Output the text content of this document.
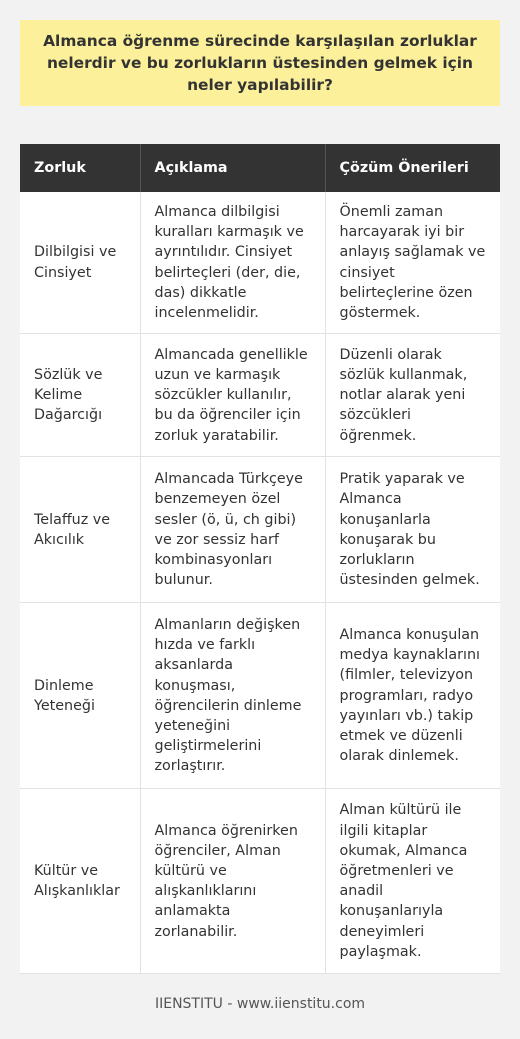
Almanca öğrenme sürecinde karşılaşılan zorluklar nelerdir ve bu zorlukların üstesinden gelmek için neler yapılabilir?
Zorluk	Açıklama	Çözüm Önerileri
Dilbilgisi ve Cinsiyet	Almanca dilbilgisi kuralları karmaşık ve ayrıntılıdır. Cinsiyet belirteçleri (der, die, das) dikkatle incelenmelidir.	Önemli zaman harcayarak iyi bir anlayış sağlamak ve cinsiyet belirteçlerine özen göstermek.
Sözlük ve Kelime Dağarcığı	Almancada genellikle uzun ve karmaşık sözcükler kullanılır, bu da öğrenciler için zorluk yaratabilir.	Düzenli olarak sözlük kullanmak, notlar alarak yeni sözcükleri öğrenmek.
Telaffuz ve Akıcılık	Almancada Türkçeye benzemeyen özel sesler (ö, ü, ch gibi) ve zor sessiz harf kombinasyonları bulunur.	Pratik yaparak ve Almanca konuşanlarla konuşarak bu zorlukların üstesinden gelmek.
Dinleme Yeteneği	Almanların değişken hızda ve farklı aksanlarda konuşması, öğrencilerin dinleme yeteneğini geliştirmelerini zorlaştırır.	Almanca konuşulan medya kaynaklarını (filmler, televizyon programları, radyo yayınları vb.) takip etmek ve düzenli olarak dinlemek.
Kültür ve Alışkanlıklar	Almanca öğrenirken öğrenciler, Alman kültürü ve alışkanlıklarını anlamakta zorlanabilir.	Alman kültürü ile ilgili kitaplar okumak, Almanca öğretmenleri ve anadil konuşanlarıyla deneyimleri paylaşmak.
IIENSTITU - www.iienstitu.com
